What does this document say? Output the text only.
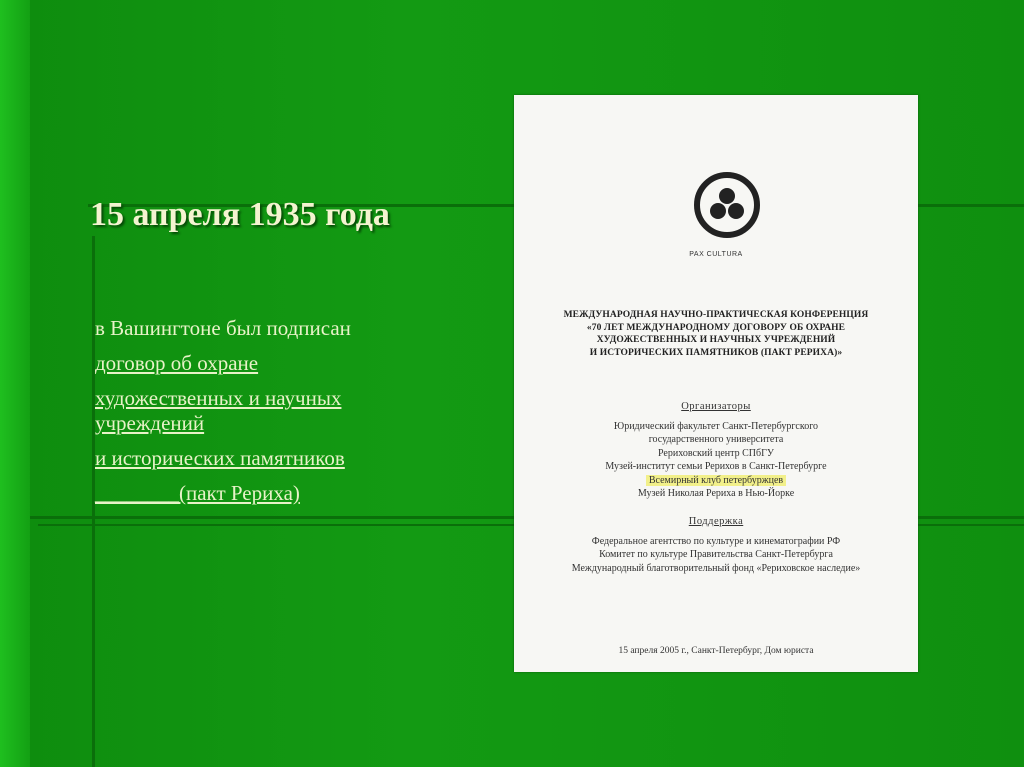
15 апреля 1935 года

в Вашингтоне был подписан

договор об охране

художественных и научных учреждений

и исторических памятников

________(пакт Рериха)

PAX CULTURA
МЕЖДУНАРОДНАЯ НАУЧНО-ПРАКТИЧЕСКАЯ КОНФЕРЕНЦИЯ
«70 ЛЕТ МЕЖДУНАРОДНОМУ ДОГОВОРУ ОБ ОХРАНЕ
ХУДОЖЕСТВЕННЫХ И НАУЧНЫХ УЧРЕЖДЕНИЙ
И ИСТОРИЧЕСКИХ ПАМЯТНИКОВ (ПАКТ РЕРИХА)»
Организаторы
Юридический факультет Санкт-Петербургского
государственного университета
Рериховский центр СПбГУ
Музей-институт семьи Рерихов в Санкт-Петербурге
Всемирный клуб петербуржцев
Музей Николая Рериха в Нью-Йорке
Поддержка
Федеральное агентство по культуре и кинематографии РФ
Комитет по культуре Правительства Санкт-Петербурга
Международный благотворительный фонд «Рериховское наследие»
15 апреля 2005 г., Санкт-Петербург, Дом юриста
